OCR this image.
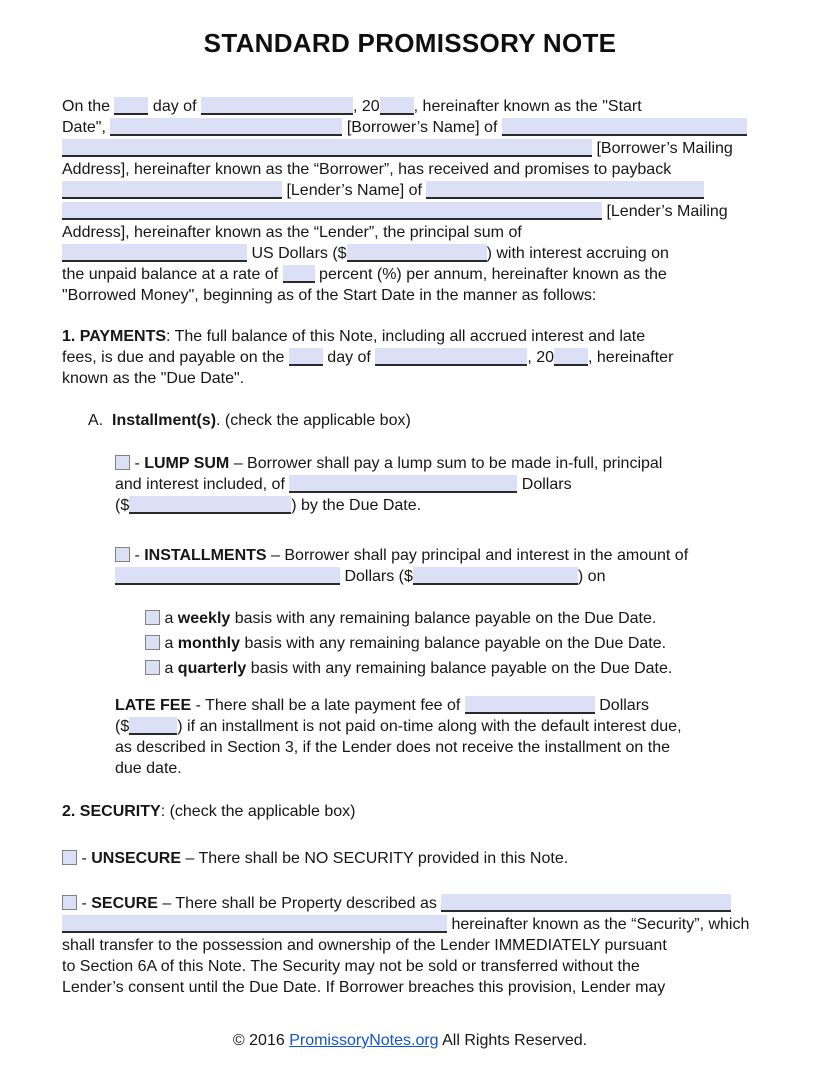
STANDARD PROMISSORY NOTE
On the  day of	, 20 , hereinafter known as the "Start
Date",	[Borrower’s Name] of
[Borrower’s Mailing
Address], hereinafter known as the “Borrower”, has received and promises to payback
[Lender’s Name] of
[Lender’s Mailing
Address], hereinafter known as the “Lender”, the principal sum of
US Dollars ($	) with interest accruing on
the unpaid balance at a rate of  percent (%) per annum, hereinafter known as the
"Borrowed Money", beginning as of the Start Date in the manner as follows:
1. PAYMENTS: The full balance of this Note, including all accrued interest and late
fees, is due and payable on the  day of	, 20 , hereinafter
known as the "Due Date".
A.  Installment(s). (check the applicable box)
- LUMP SUM – Borrower shall pay a lump sum to be made in-full, principal
and interest included, of	Dollars
($	) by the Due Date.
- INSTALLMENTS – Borrower shall pay principal and interest in the amount of
Dollars ($	) on
a weekly basis with any remaining balance payable on the Due Date.
a monthly basis with any remaining balance payable on the Due Date.
a quarterly basis with any remaining balance payable on the Due Date.
LATE FEE - There shall be a late payment fee of	Dollars
($	) if an installment is not paid on-time along with the default interest due,
as described in Section 3, if the Lender does not receive the installment on the
due date.
2. SECURITY: (check the applicable box)
- UNSECURE – There shall be NO SECURITY provided in this Note.
- SECURE – There shall be Property described as
hereinafter known as the “Security”, which
shall transfer to the possession and ownership of the Lender IMMEDIATELY pursuant
to Section 6A of this Note. The Security may not be sold or transferred without the
Lender’s consent until the Due Date. If Borrower breaches this provision, Lender may
© 2016 PromissoryNotes.org All Rights Reserved.
